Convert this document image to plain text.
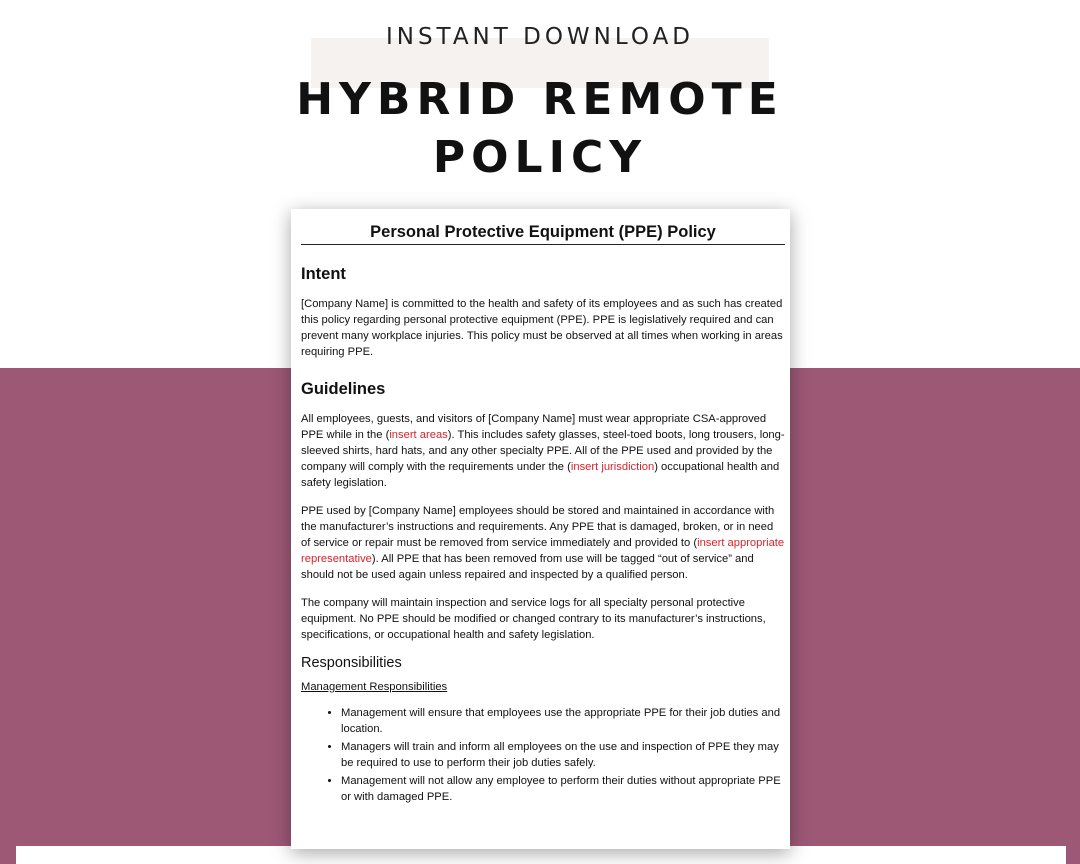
INSTANT DOWNLOAD
HYBRID REMOTE
POLICY
Personal Protective Equipment (PPE) Policy
Intent

[Company Name] is committed to the health and safety of its employees and as such has created this policy regarding personal protective equipment (PPE). PPE is legislatively required and can prevent many workplace injuries. This policy must be observed at all times when working in areas requiring PPE.

Guidelines

All employees, guests, and visitors of [Company Name] must wear appropriate CSA-approved PPE while in the (insert areas). This includes safety glasses, steel-toed boots, long trousers, long-sleeved shirts, hard hats, and any other specialty PPE. All of the PPE used and provided by the company will comply with the requirements under the (insert jurisdiction) occupational health and safety legislation.

PPE used by [Company Name] employees should be stored and maintained in accordance with the manufacturer’s instructions and requirements. Any PPE that is damaged, broken, or in need of service or repair must be removed from service immediately and provided to (insert appropriate representative). All PPE that has been removed from use will be tagged “out of service” and should not be used again unless repaired and inspected by a qualified person.

The company will maintain inspection and service logs for all specialty personal protective equipment. No PPE should be modified or changed contrary to its manufacturer’s instructions, specifications, or occupational health and safety legislation.

Responsibilities
Management Responsibilities
• Management will ensure that employees use the appropriate PPE for their job duties and location.
• Managers will train and inform all employees on the use and inspection of PPE they may be required to use to perform their job duties safely.
• Management will not allow any employee to perform their duties without appropriate PPE or with damaged PPE.
